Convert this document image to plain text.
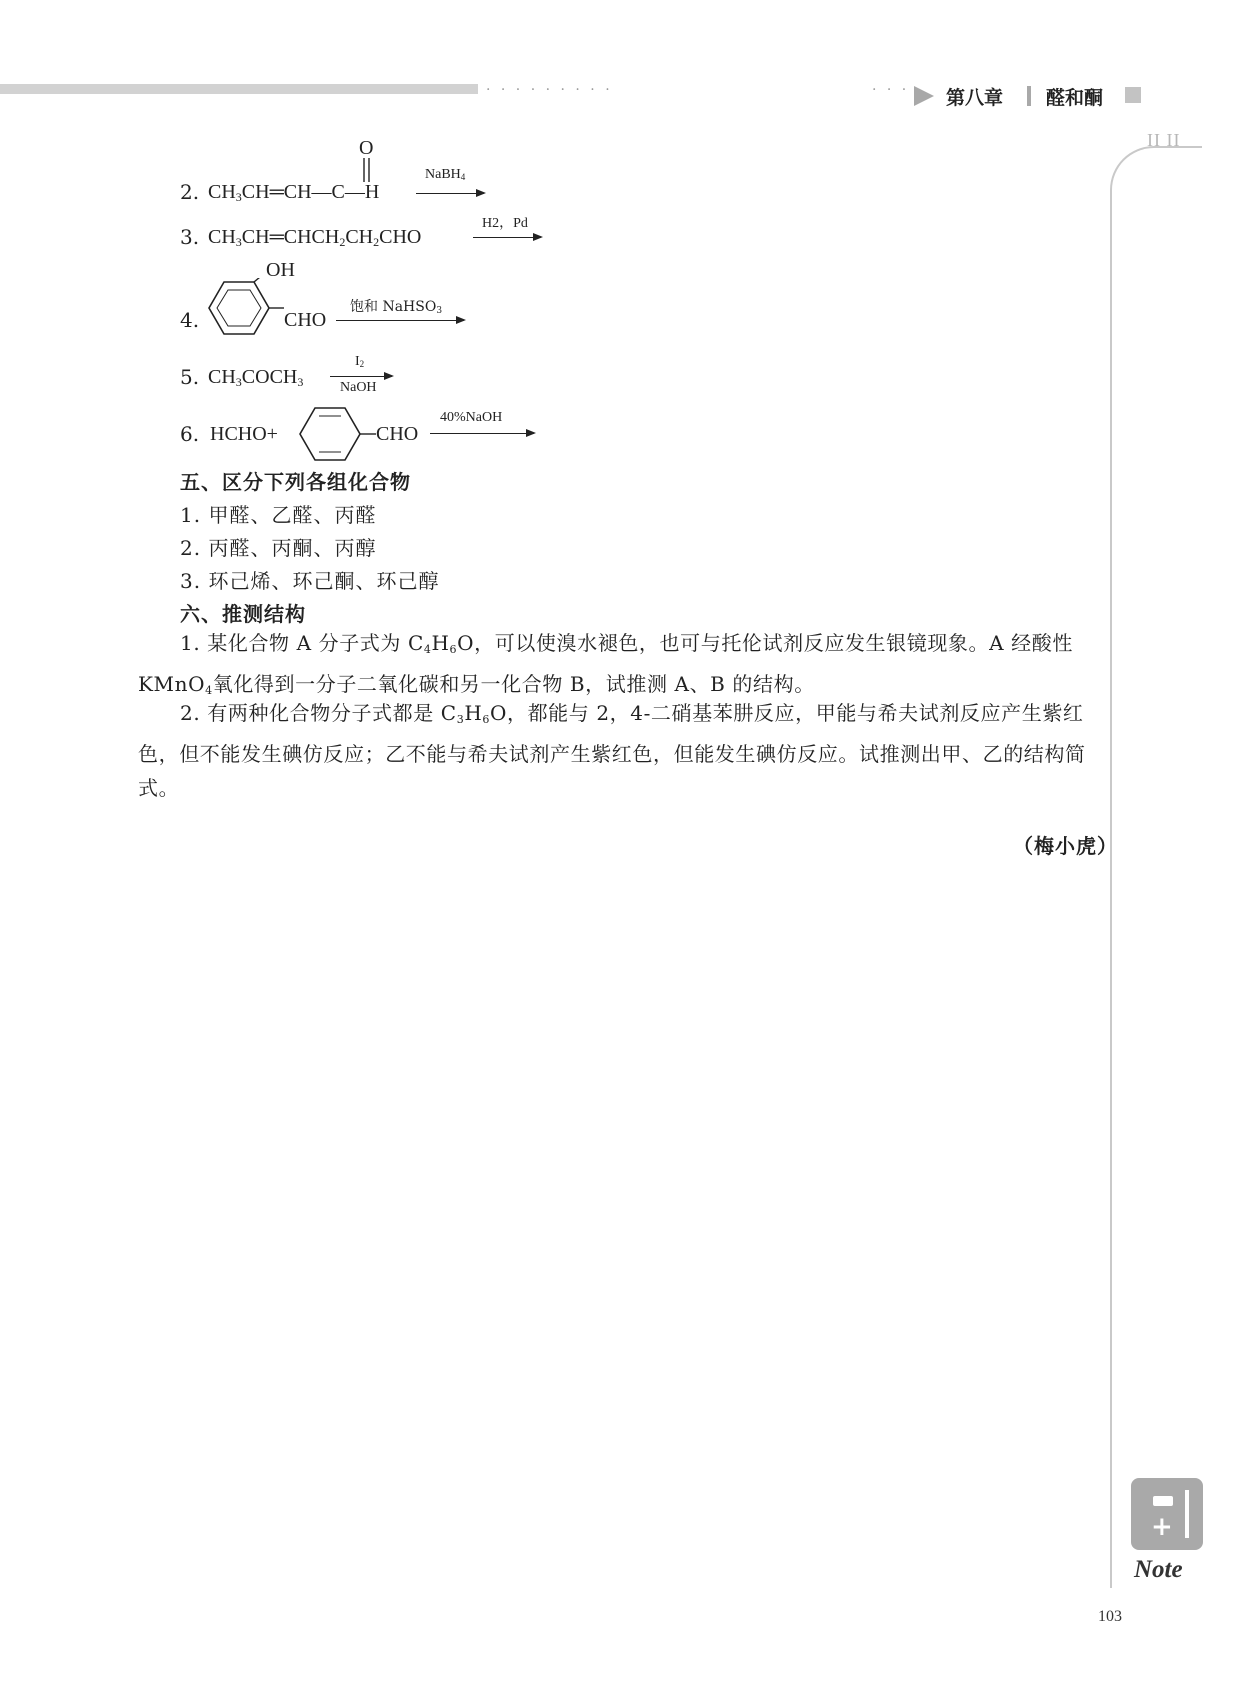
· · · · · · · · ·	· · · 第八章 醛和酮
II II
+
Note
2. $CH_3CH═CH—C—H$
O
NaBH$_4$
3. $CH_3CH═CHCH_2CH_2CHO$
H2，Pd
4.
OH
CHO
饱和 NaHSO$_3$
5. $CH_3COCH_3$
$I_2$
NaOH
6. HCHO+	CHO
40%NaOH
五、区分下列各组化合物
1. 甲醛、乙醛、丙醛
2. 丙醛、丙酮、丙醇
3. 环己烯、环己酮、环己醇
六、推测结构
1. 某化合物 A 分子式为 $C_4H_6O$，可以使溴水褪色，也可与托伦试剂反应发生银镜现象。A 经酸性 KMnO$_4$氧化得到一分子二氧化碳和另一化合物 B，试推测 A、B 的结构。
2. 有两种化合物分子式都是 $C_3H_6O$，都能与 2，4-二硝基苯肼反应，甲能与希夫试剂反应产生紫红色，但不能发生碘仿反应；乙不能与希夫试剂产生紫红色，但能发生碘仿反应。试推测出甲、乙的结构简式。
（梅小虎）
103
